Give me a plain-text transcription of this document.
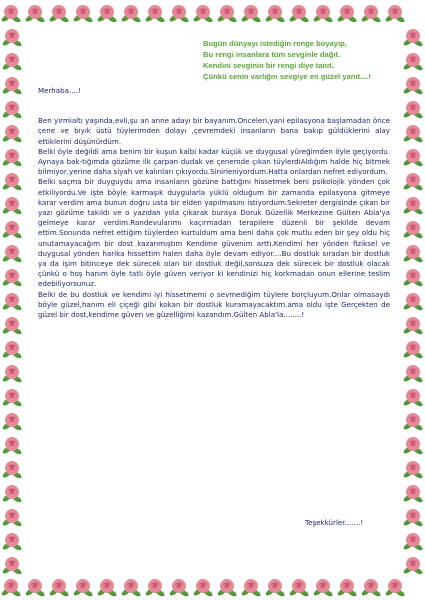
Bugün dünyayı istediğin renge boyayıp,
Bu rengi insanlara tüm sevginle dağıt.
Kendini sevginin bir rengi diye tanıt.
Çünkü senin varlığın sevgiye en güzel yanıt....!
Merhaba....!

Ben yirmialtı yaşında,evli,şu an anne adayı bir bayanım.Onceleri,yani epilasyona başlamadan önce çene ve bıyık üstü tüylerimden dolayı ,çevremdeki insanların bana bakıp güldüklerini alay ettiklerini düşünürdüm.

Belki öyle değildi ama benim bir kuşun kalbi kadar küçük ve duygusal yüreğimden öyle geçiyordu. Aynaya bak-tığımda gözüme ilk çarpan dudak ve çenemde çıkan tüylerdiAldığım halde hiç bitmek bilmiyor,yerine daha siyah ve kalınları çıkıyordu.Sinirleniyordum.Hatta onlardan nefret ediyordum.

Belki saçma bir duyguydu ama insanların gözüne battığını hissetmek beni psikolojik yönden çok etkiliyordu.Ve işte böyle karmaşık duygularla yüklü olduğum bir zamanda epilasyona gitmeye karar verdim ama bunun doğru usta bir elden yapılmasını istiyordum.Sekreter dergisinde çıkan bir yazı gözüme takıldı ve o yazıdan yola çıkarak buraya Doruk Güzellik Merkezine Gülten Abla'ya gelmeye karar verdim.Randevularımı kaçırmadan terapilere düzenli bir şekilde devam ettim.Sonunda nefret ettiğim tüylerden kurtuldum ama beni daha çok mutlu eden bir şey oldu hiç unutamayacağım bir dost kazanmıştım Kendime güvenim arttı.Kendimi her yönden fiziksel ve duygusal yönden harika hissettim halen daha öyle devam ediyor....Bu dostluk sıradan bir dostluk ya da işim bitinceye dek sürecek olan bir dostluk değil,sonsuza dek sürecek bir dostluk olacak çünkü o hoş hanım öyle tatlı öyle güven veriyor ki kendinizi hiç korkmadan onun ellerine teslim edebiliyorsunuz.

Belki de bu dostluk ve kendimi iyi hissetmemi o sevmediğim tüylere borçluyum.Onlar olmasaydı böyle güzel,hanım eli çiçeği gibi kokan bir dostluk kuramayacaktım.ama oldu işte Gerçekten de güzel bir dost,kendime güven ve güzelliğimi kazandım.Gülten Abla'la........!

Teşekkürler.......!
